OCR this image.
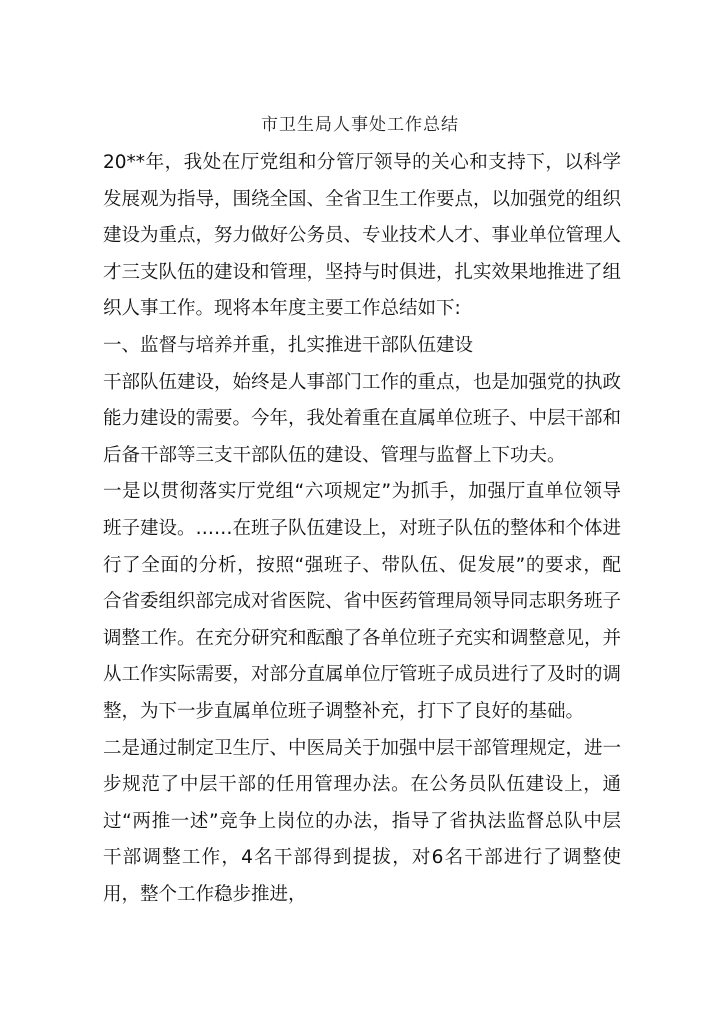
市卫生局人事处工作总结

20**年，我处在厅党组和分管厅领导的关心和支持下，以科学发展观为指导，围绕全国、全省卫生工作要点，以加强党的组织建设为重点，努力做好公务员、专业技术人才、事业单位管理人才三支队伍的建设和管理，坚持与时俱进，扎实效果地推进了组织人事工作。现将本年度主要工作总结如下:

一、监督与培养并重，扎实推进干部队伍建设

干部队伍建设，始终是人事部门工作的重点，也是加强党的执政能力建设的需要。今年，我处着重在直属单位班子、中层干部和后备干部等三支干部队伍的建设、管理与监督上下功夫。

一是以贯彻落实厅党组“六项规定”为抓手，加强厅直单位领导班子建设。……在班子队伍建设上，对班子队伍的整体和个体进行了全面的分析，按照“强班子、带队伍、促发展”的要求，配合省委组织部完成对省医院、省中医药管理局领导同志职务班子调整工作。在充分研究和酝酿了各单位班子充实和调整意见，并从工作实际需要，对部分直属单位厅管班子成员进行了及时的调整，为下一步直属单位班子调整补充，打下了良好的基础。

二是通过制定卫生厅、中医局关于加强中层干部管理规定，进一步规范了中层干部的任用管理办法。在公务员队伍建设上，通过“两推一述”竞争上岗位的办法，指导了省执法监督总队中层干部调整工作，4名干部得到提拔，对6名干部进行了调整使用，整个工作稳步推进，
